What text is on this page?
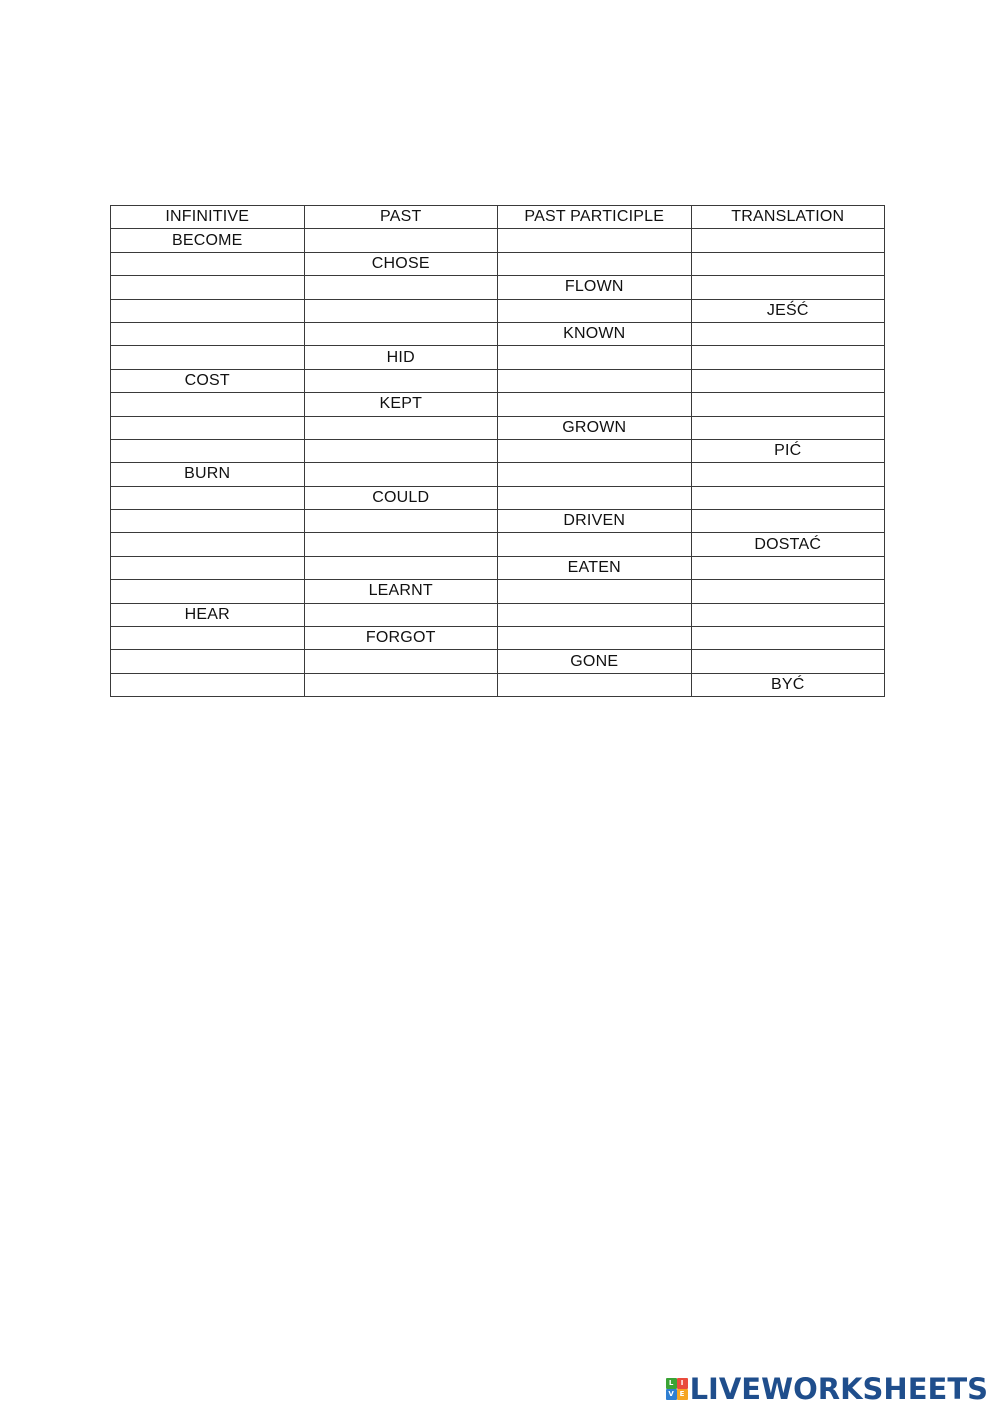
INFINITIVE	PAST	PAST PARTICIPLE	TRANSLATION
BECOME			
	CHOSE		
		FLOWN	
			JEŚĆ
		KNOWN	
	HID		
COST			
	KEPT		
		GROWN	
			PIĆ
BURN			
	COULD		
		DRIVEN	
			DOSTAĆ
		EATEN	
	LEARNT		
HEAR			
	FORGOT		
		GONE	
			BYĆ
L	I
V E LIVEWORKSHEETS
